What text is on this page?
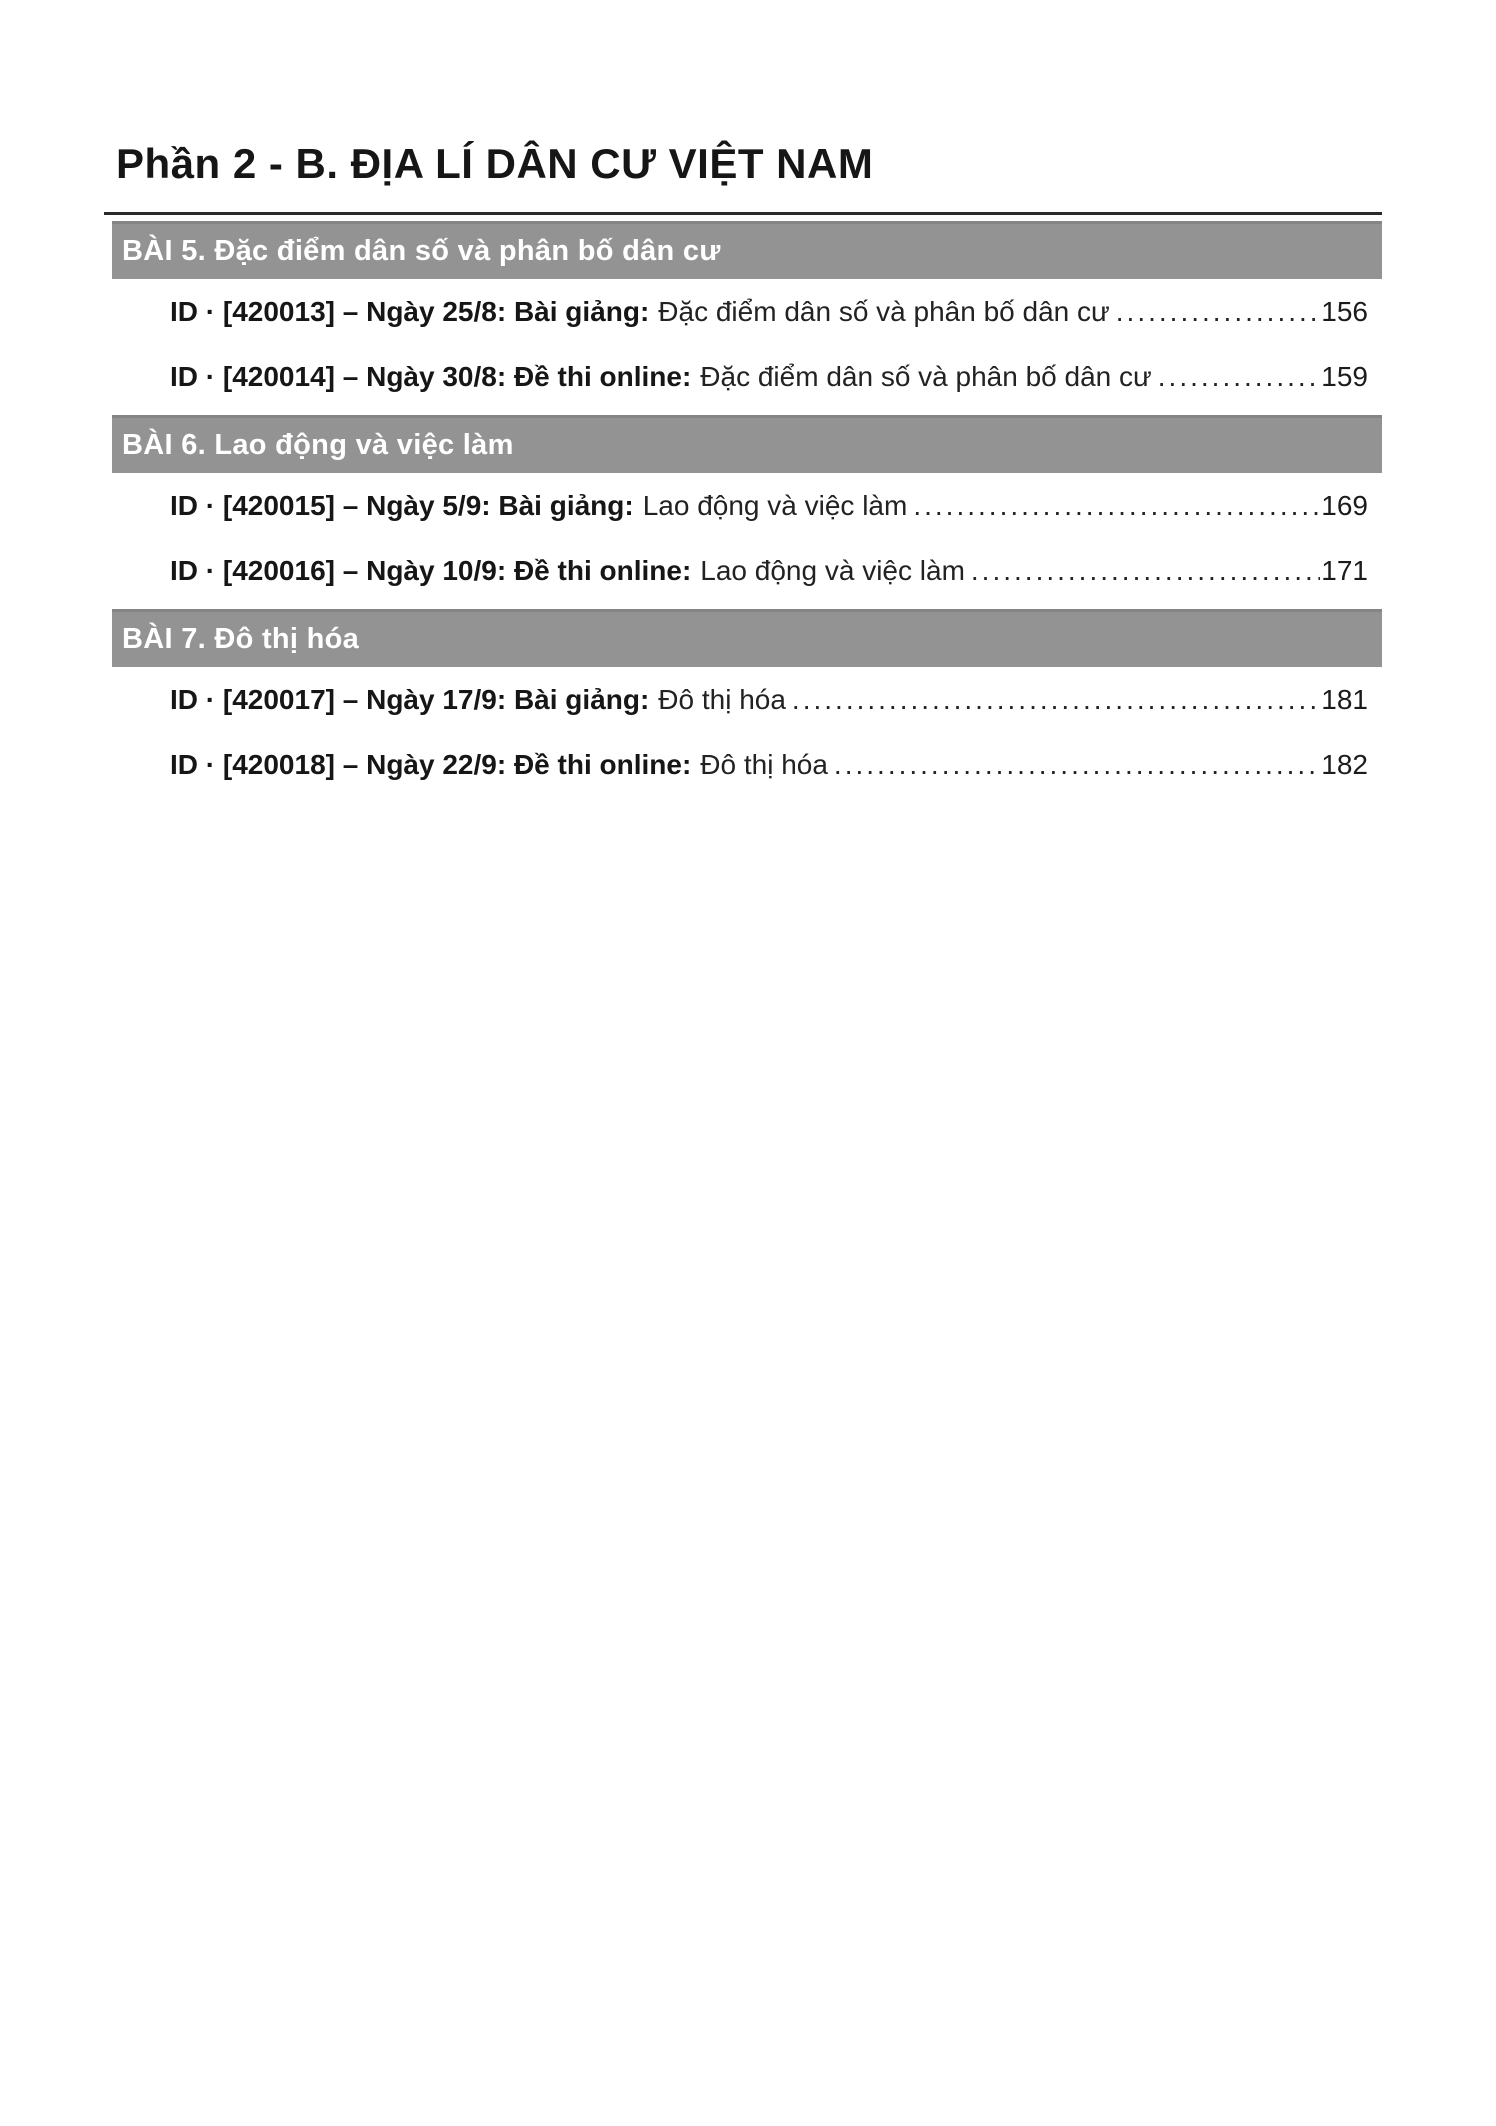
Phần 2 - B. ĐỊA LÍ DÂN CƯ VIỆT NAM
BÀI 5. Đặc điểm dân số và phân bố dân cư
ID · [420013] – Ngày 25/8: Bài giảng: Đặc điểm dân số và phân bố dân cư .....	156
ID · [420014] – Ngày 30/8: Đề thi online: Đặc điểm dân số và phân bố dân cư .....	159
BÀI 6. Lao động và việc làm
ID · [420015] – Ngày 5/9: Bài giảng: Lao động và việc làm .....	169
ID · [420016] – Ngày 10/9: Đề thi online: Lao động và việc làm .....	171
BÀI 7. Đô thị hóa
ID · [420017] – Ngày 17/9: Bài giảng: Đô thị hóa .....	181
ID · [420018] – Ngày 22/9: Đề thi online: Đô thị hóa .....	182
